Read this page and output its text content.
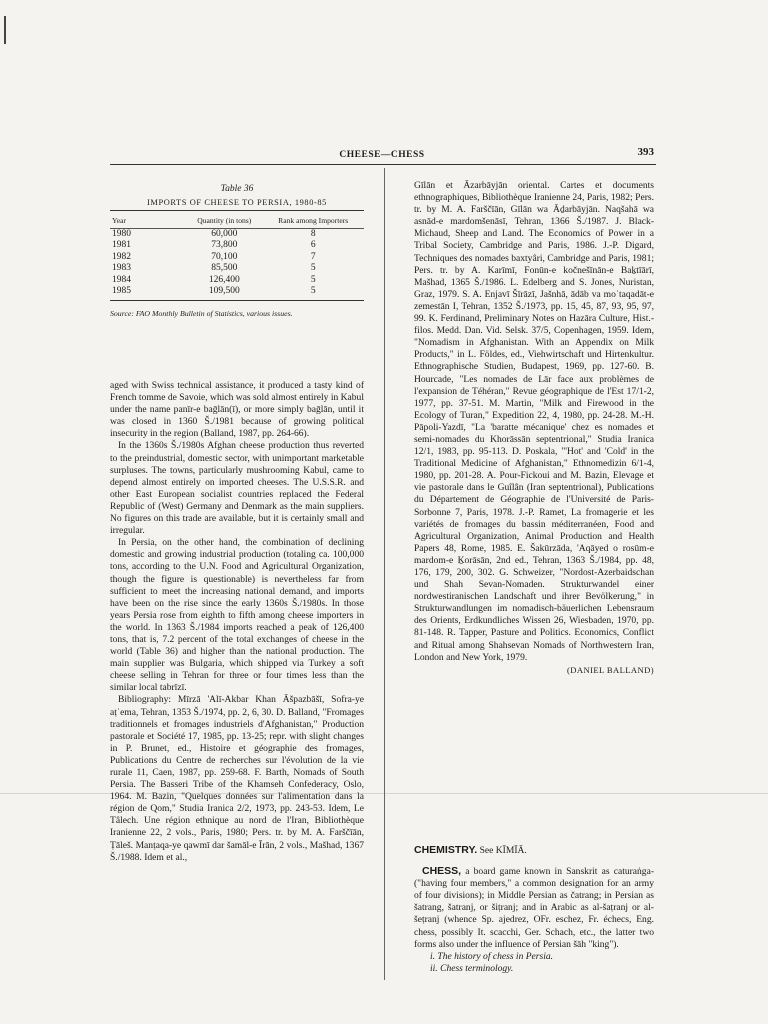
CHEESE—CHESS	393
Table 36
IMPORTS OF CHEESE TO PERSIA, 1980-85
Year	Quantity (in tons)	Rank among Importers

1980	60,000	8
1981	73,800	6
1982	70,100	7
1983	85,500	5
1984	126,400	5
1985	109,500	5
Source: FAO Monthly Bulletin of Statistics, various issues.

aged with Swiss technical assistance, it produced a tasty kind of French tomme de Savoie, which was sold almost entirely in Kabul under the name panīr-e baḡlān(ī), or more simply baḡlān, until it was closed in 1360 Š./1981 because of growing political insecurity in the region (Balland, 1987, pp. 264-66).

In the 1360s Š./1980s Afghan cheese production thus reverted to the preindustrial, domestic sector, with unimportant marketable surpluses. The towns, particularly mushrooming Kabul, came to depend almost entirely on imported cheeses. The U.S.S.R. and other East European socialist countries replaced the Federal Republic of (West) Germany and Denmark as the main suppliers. No figures on this trade are available, but it is certainly small and irregular.

In Persia, on the other hand, the combination of declining domestic and growing industrial production (totaling ca. 100,000 tons, according to the U.N. Food and Agricultural Organization, though the figure is questionable) is nevertheless far from sufficient to meet the increasing national demand, and imports have been on the rise since the early 1360s Š./1980s. In those years Persia rose from eighth to fifth among cheese importers in the world. In 1363 Š./1984 imports reached a peak of 126,400 tons, that is, 7.2 percent of the total exchanges of cheese in the world (Table 36) and higher than the national production. The main supplier was Bulgaria, which shipped via Turkey a soft cheese selling in Tehran for three or four times less than the similar local tabrīzī.

Bibliography: Mīrzā 'Alī-Akbar Khan Āšpazbāšī, Sofra-ye aṭʿema, Tehran, 1353 Š./1974, pp. 2, 6, 30. D. Balland, "Fromages traditionnels et fromages industriels d'Afghanistan," Production pastorale et Société 17, 1985, pp. 13-25; repr. with slight changes in P. Brunet, ed., Histoire et géographie des fromages, Publications du Centre de recherches sur l'évolution de la vie rurale 11, Caen, 1987, pp. 259-68. F. Barth, Nomads of South Persia. The Basseri Tribe of the Khamseh Confederacy, Oslo, 1964. M. Bazin, "Quelques données sur l'alimentation dans la région de Qom," Studia Iranica 2/2, 1973, pp. 243-53. Idem, Le Tâlech. Une région ethnique au nord de l'Iran, Bibliothèque Iranienne 22, 2 vols., Paris, 1980; Pers. tr. by M. A. Farščīān, Ṭāleš. Manṭaqa-ye qawmī dar šamāl-e Īrān, 2 vols., Mašhad, 1367 Š./1988. Idem et al.,

Gīlān et Āzarbāyjān oriental. Cartes et documents ethnographiques, Bibliothèque Iranienne 24, Paris, 1982; Pers. tr. by M. A. Farščīān, Gīlān wa Āḏarbāyjān. Naqšahā wa asnād-e mardomšenāsī, Tehran, 1366 Š./1987. J. Black-Michaud, Sheep and Land. The Economics of Power in a Tribal Society, Cambridge and Paris, 1986. J.-P. Digard, Techniques des nomades baxtyâri, Cambridge and Paris, 1981; Pers. tr. by A. Karīmī, Fonūn-e kočnešīnān-e Baḵtīārī, Mašhad, 1365 Š./1986. L. Edelberg and S. Jones, Nuristan, Graz, 1979. S. A. Enjavī Šīrāzī, Jašnhā, ādāb va moʿtaqadāt-e zemestān I, Tehran, 1352 Š./1973, pp. 15, 45, 87, 93, 95, 97, 99. K. Ferdinand, Preliminary Notes on Hazāra Culture, Hist.-filos. Medd. Dan. Vid. Selsk. 37/5, Copenhagen, 1959. Idem, "Nomadism in Afghanistan. With an Appendix on Milk Products," in L. Földes, ed., Viehwirtschaft und Hirtenkultur. Ethnographische Studien, Budapest, 1969, pp. 127-60. B. Hourcade, "Les nomades de Lār face aux problèmes de l'expansion de Téhéran," Revue géographique de l'Est 17/1-2, 1977, pp. 37-51. M. Martin, "Milk and Firewood in the Ecology of Turan," Expedition 22, 4, 1980, pp. 24-28. M.-H. Pāpoli-Yazdī, "La 'baratte mécanique' chez es nomades et semi-nomades du Khorāssān septentrional," Studia Iranica 12/1, 1983, pp. 95-113. D. Poskala, "'Hot' and 'Cold' in the Traditional Medicine of Afghanistan," Ethnomedizin 6/1-4, 1980, pp. 201-28. A. Pour-Fickoui and M. Bazin, Elevage et vie pastorale dans le Guîlân (Iran septentrional), Publications du Département de Géographie de l'Université de Paris-Sorbonne 7, Paris, 1978. J.-P. Ramet, La fromagerie et les variétés de fromages du bassin méditerranéen, Food and Agricultural Organization, Animal Production and Health Papers 48, Rome, 1985. E. Šakūrzāda, 'Aqāyed o rosūm-e mardom-e Ḵorāsān, 2nd ed., Tehran, 1363 Š./1984, pp. 48, 176, 179, 200, 302. G. Schweizer, "Nordost-Azerbaidschan und Shah Sevan-Nomaden. Strukturwandel einer nordwestiranischen Landschaft und ihrer Bevölkerung," in Strukturwandlungen im nomadisch-bäuerlichen Lebensraum des Orients, Erdkundliches Wissen 26, Wiesbaden, 1970, pp. 81-148. R. Tapper, Pasture and Politics. Economics, Conflict and Ritual among Shahsevan Nomads of Northwestern Iran, London and New York, 1979.

(DANIEL BALLAND)

CHEMISTRY. See KĪMĪĀ.

CHESS, a board game known in Sanskrit as caturaṅga- ("having four members," a common designation for an army of four divisions); in Middle Persian as čatrang; in Persian as šatrang, šatranj, or šiṭranj; and in Arabic as al-šaṭranj or al-šeṭranj (whence Sp. ajedrez, OFr. eschez, Fr. échecs, Eng. chess, possibly It. scacchi, Ger. Schach, etc., the latter two forms also under the influence of Persian šāh "king").

i. The history of chess in Persia.
ii. Chess terminology.
